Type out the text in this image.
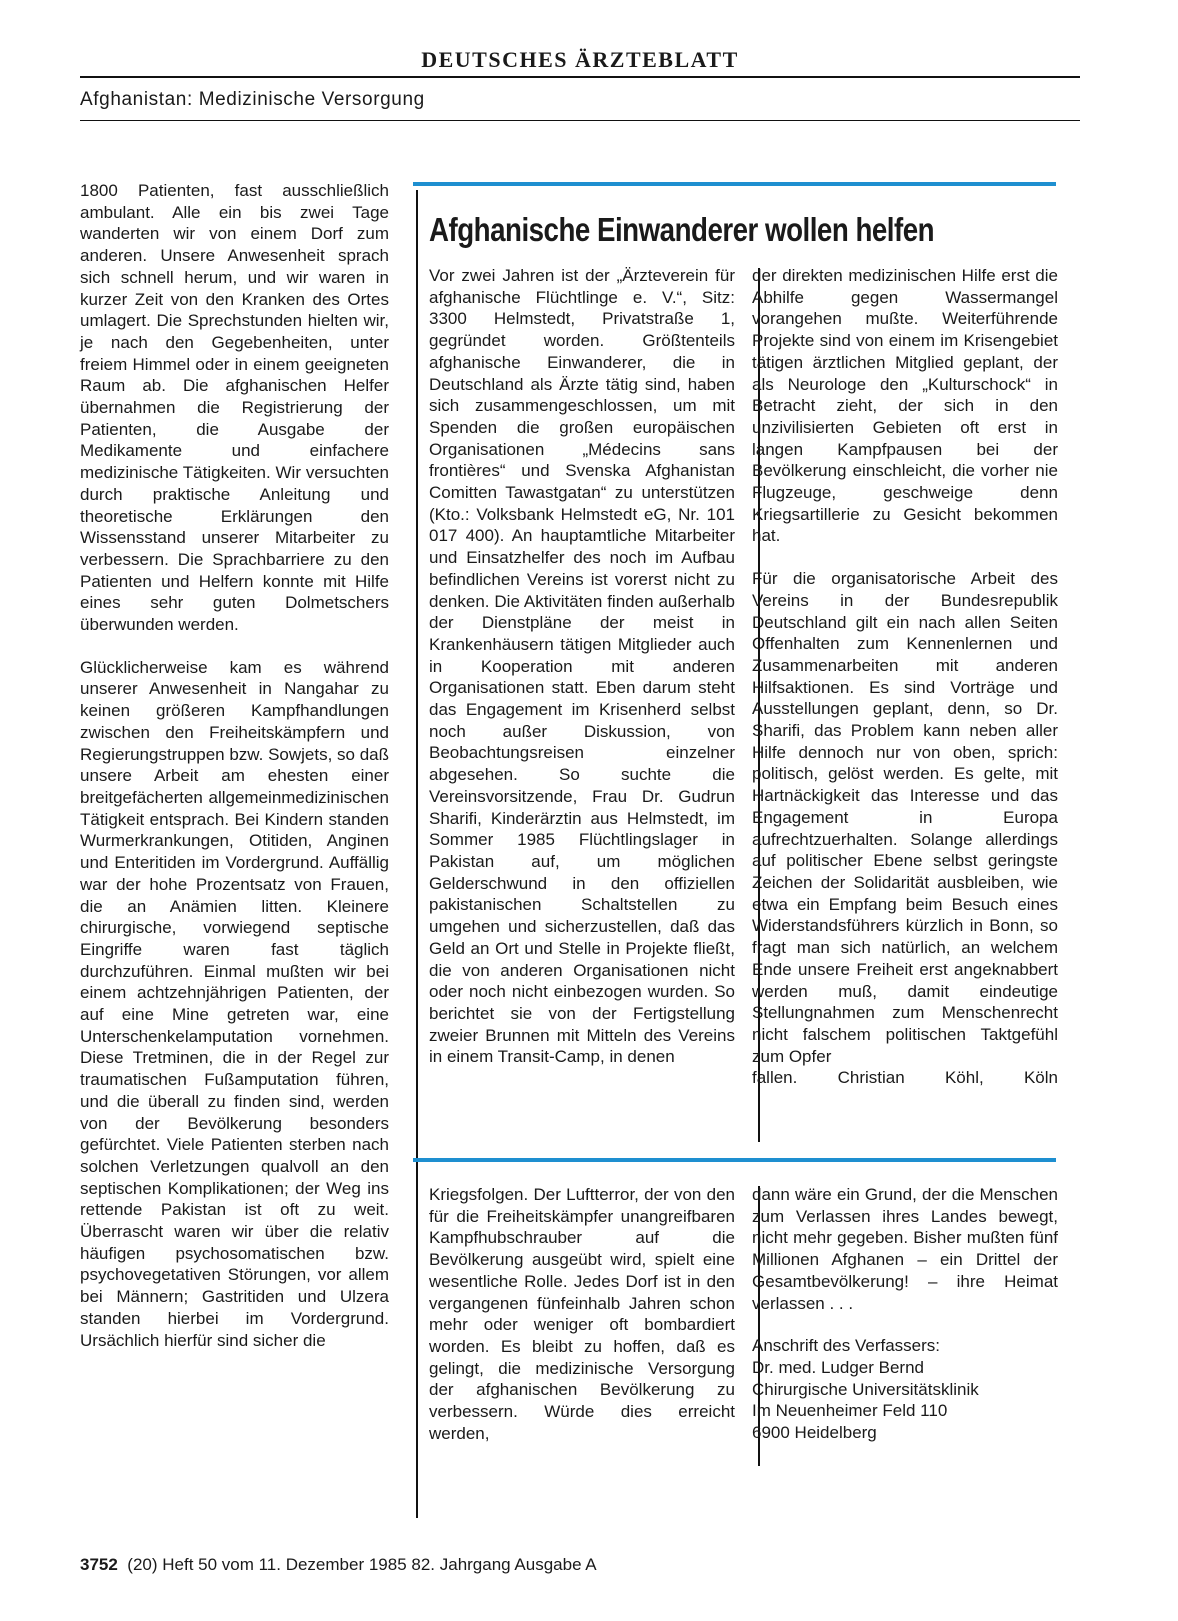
DEUTSCHES ÄRZTEBLATT
Afghanistan: Medizinische Versorgung

1800 Patienten, fast ausschließlich ambulant. Alle ein bis zwei Tage wanderten wir von einem Dorf zum anderen. Unsere Anwesenheit sprach sich schnell herum, und wir waren in kurzer Zeit von den Kranken des Ortes umlagert. Die Sprechstunden hielten wir, je nach den Gegebenheiten, unter freiem Himmel oder in einem geeigneten Raum ab. Die afghanischen Helfer übernahmen die Registrierung der Patienten, die Ausgabe der Medikamente und einfachere medizinische Tätigkeiten. Wir versuchten durch praktische Anleitung und theoretische Erklärungen den Wissensstand unserer Mitarbeiter zu verbessern. Die Sprachbarriere zu den Patienten und Helfern konnte mit Hilfe eines sehr guten Dolmetschers überwunden werden.

Glücklicherweise kam es während unserer Anwesenheit in Nangahar zu keinen größeren Kampfhandlungen zwischen den Freiheitskämpfern und Regierungstruppen bzw. Sowjets, so daß unsere Arbeit am ehesten einer breitgefächerten allgemeinmedizinischen Tätigkeit entsprach. Bei Kindern standen Wurmerkrankungen, Otitiden, Anginen und Enteritiden im Vordergrund. Auffällig war der hohe Prozentsatz von Frauen, die an Anämien litten. Kleinere chirurgische, vorwiegend septische Eingriffe waren fast täglich durchzuführen. Einmal mußten wir bei einem achtzehnjährigen Patienten, der auf eine Mine getreten war, eine Unterschenkelamputation vornehmen. Diese Tretminen, die in der Regel zur traumatischen Fußamputation führen, und die überall zu finden sind, werden von der Bevölkerung besonders gefürchtet. Viele Patienten sterben nach solchen Verletzungen qualvoll an den septischen Komplikationen; der Weg ins rettende Pakistan ist oft zu weit. Überrascht waren wir über die relativ häufigen psychosomatischen bzw. psychovegetativen Störungen, vor allem bei Männern; Gastritiden und Ulzera standen hierbei im Vordergrund. Ursächlich hierfür sind sicher die

Afghanische Einwanderer wollen helfen

Vor zwei Jahren ist der „Ärzteverein für afghanische Flüchtlinge e. V.“, Sitz: 3300 Helmstedt, Privatstraße 1, gegründet worden. Größtenteils afghanische Einwanderer, die in Deutschland als Ärzte tätig sind, haben sich zusammengeschlossen, um mit Spenden die großen europäischen Organisationen „Médecins sans frontières“ und Svenska Afghanistan Comitten Tawastgatan“ zu unterstützen (Kto.: Volksbank Helmstedt eG, Nr. 101 017 400). An hauptamtliche Mitarbeiter und Einsatzhelfer des noch im Aufbau befindlichen Vereins ist vorerst nicht zu denken. Die Aktivitäten finden außerhalb der Dienstpläne der meist in Krankenhäusern tätigen Mitglieder auch in Kooperation mit anderen Organisationen statt. Eben darum steht das Engagement im Krisenherd selbst noch außer Diskussion, von Beobachtungsreisen einzelner abgesehen. So suchte die Vereinsvorsitzende, Frau Dr. Gudrun Sharifi, Kinderärztin aus Helmstedt, im Sommer 1985 Flüchtlingslager in Pakistan auf, um möglichen Gelderschwund in den offiziellen pakistanischen Schaltstellen zu umgehen und sicherzustellen, daß das Geld an Ort und Stelle in Projekte fließt, die von anderen Organisationen nicht oder noch nicht einbezogen wurden. So berichtet sie von der Fertigstellung zweier Brunnen mit Mitteln des Vereins in einem Transit-Camp, in denen

der direkten medizinischen Hilfe erst die Abhilfe gegen Wassermangel vorangehen mußte. Weiterführende Projekte sind von einem im Krisengebiet tätigen ärztlichen Mitglied geplant, der als Neurologe den „Kulturschock“ in Betracht zieht, der sich in den unzivilisierten Gebieten oft erst in langen Kampfpausen bei der Bevölkerung einschleicht, die vorher nie Flugzeuge, geschweige denn Kriegsartillerie zu Gesicht bekommen hat.

Für die organisatorische Arbeit des Vereins in der Bundesrepublik Deutschland gilt ein nach allen Seiten Offenhalten zum Kennenlernen und Zusammenarbeiten mit anderen Hilfsaktionen. Es sind Vorträge und Ausstellungen geplant, denn, so Dr. Sharifi, das Problem kann neben aller Hilfe dennoch nur von oben, sprich: politisch, gelöst werden. Es gelte, mit Hartnäckigkeit das Interesse und das Engagement in Europa aufrechtzuerhalten. Solange allerdings auf politischer Ebene selbst geringste Zeichen der Solidarität ausbleiben, wie etwa ein Empfang beim Besuch eines Widerstandsführers kürzlich in Bonn, so fragt man sich natürlich, an welchem Ende unsere Freiheit erst angeknabbert werden muß, damit eindeutige Stellungnahmen zum Menschenrecht nicht falschem politischen Taktgefühl zum Opfer
fallen. Christian Köhl, Köln

Kriegsfolgen. Der Luftterror, der von den für die Freiheitskämpfer unangreifbaren Kampfhubschrauber auf die Bevölkerung ausgeübt wird, spielt eine wesentliche Rolle. Jedes Dorf ist in den vergangenen fünfeinhalb Jahren schon mehr oder weniger oft bombardiert worden. Es bleibt zu hoffen, daß es gelingt, die medizinische Versorgung der afghanischen Bevölkerung zu verbessern. Würde dies erreicht werden,

dann wäre ein Grund, der die Menschen zum Verlassen ihres Landes bewegt, nicht mehr gegeben. Bisher mußten fünf Millionen Afghanen – ein Drittel der Gesamtbevölkerung! – ihre Heimat verlassen . . .

Anschrift des Verfassers:
Dr. med. Ludger Bernd
Chirurgische Universitätsklinik
Im Neuenheimer Feld 110
6900 Heidelberg

3752 (20) Heft 50 vom 11. Dezember 1985 82. Jahrgang Ausgabe A
